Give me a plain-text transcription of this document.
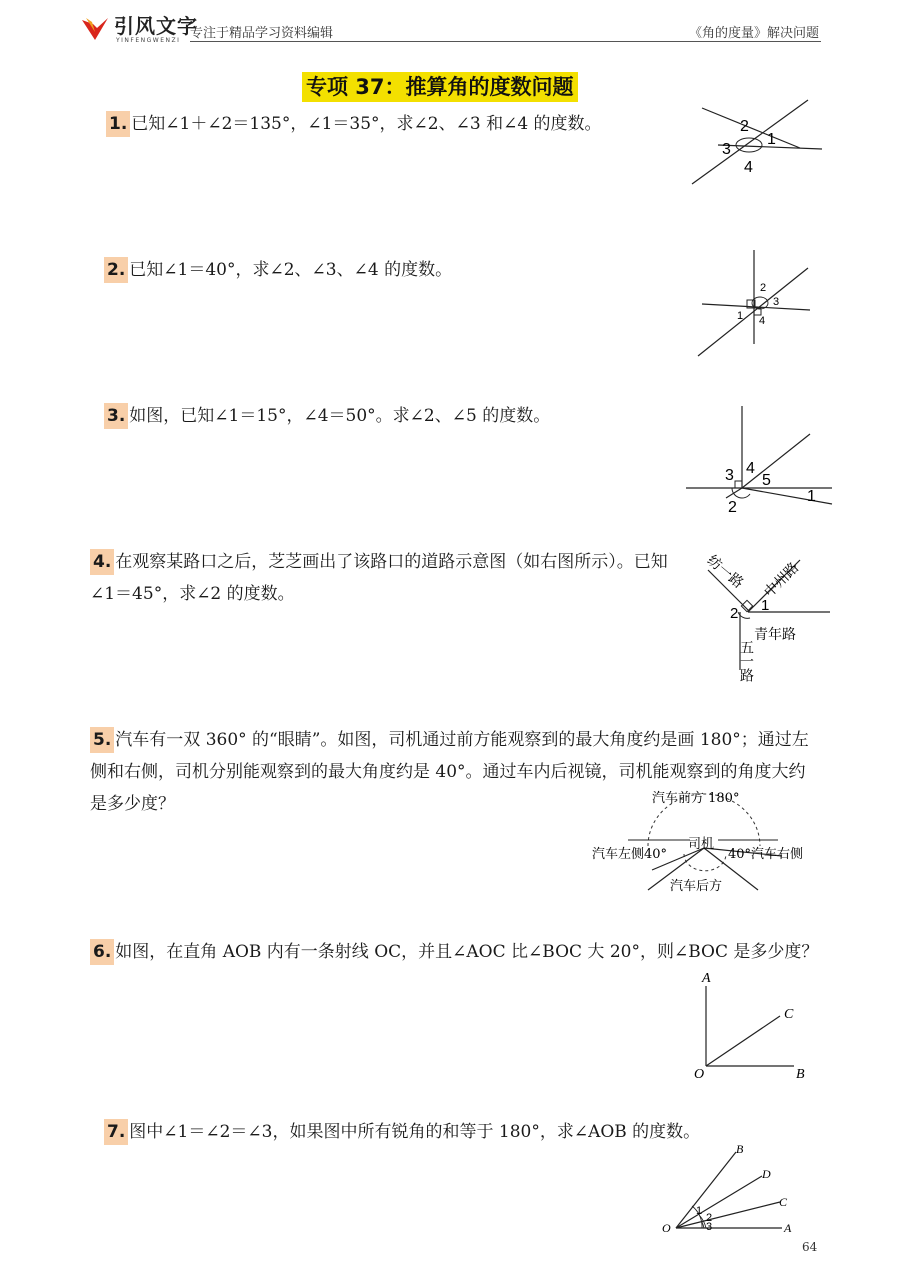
引风文字
YINFENGWENZI 专注于精品学习资料编辑	《角的度量》解决问题
专项 37：推算角的度数问题
1. 已知∠1＋∠2＝135°，∠1＝35°，求∠2、∠3 和∠4 的度数。	2
1
3
4
2. 已知∠1＝40°，求∠2、∠3、∠4 的度数。
2
3
1 4
3. 如图，已知∠1＝15°，∠4＝50°。求∠2、∠5 的度数。
3 4
5
1
2
4. 在观察某路口之后，芝芝画出了该路口的道路示意图（如右图所示）。已知∠1＝45°，求∠2 的度数。
纺一路 中州路
青年路
五一路
1
2
5. 汽车有一双 360° 的“眼睛”。如图，司机通过前方能观察到的最大角度约是画 180°；通过左侧和右侧，司机分别能观察到的最大角度约是 40°。通过车内后视镜，司机能观察到的角度大约是多少度？	汽车前方 180°
汽车左侧40°	40°汽车右侧
司机
汽车后方
6. 如图，在直角 AOB 内有一条射线 OC，并且∠AOC 比∠BOC 大 20°，则∠BOC 是多少度？
A
C
O	B
7. 图中∠1＝∠2＝∠3，如果图中所有锐角的和等于 180°，求∠AOB 的度数。
B
D
C
A
O
1
2
3
64
